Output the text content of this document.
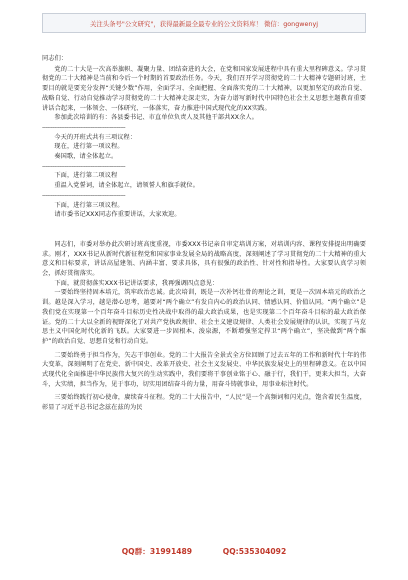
关注头条号"公文研究"，获得最新最全最专业的公文资料库！ 微信：gongwenyj

同志们：

党的二十大是一次高举旗帜、凝聚力量、团结奋进的大会，在党和国家发展进程中具有重大里程碑意义。学习贯彻党的二十大精神是当前和今后一个时期的首要政治任务。今天，我们召开学习贯彻党的二十大精神专题研讨班，主要目的就是要充分发挥“关键少数”作用，全面学习、全面把握、全面落实党的二十大精神，以更加坚定的政治自觉、战略自觉、行动自觉推动学习贯彻党的二十大精神走深走实，为奋力谱写新时代中国特色社会主义思想主题教育重要讲话合起来，一体领会、一体研究、一体落实，奋力推进中国式现代化的XX实践。

参加此次培训的有：各县委书记、市直单位负责人及其他干部共XX余人。

------------------------------------------------

今天的开班式共有三项议程：

现在，进行第一项议程。

奏国歌，请全体起立。

------------------------------------------------

下面，进行第二项议程

重温入党誓词，请全体起立，请领誓人和旗手就位。

------------------------------------------------

下面，进行第三项议程。

请市委书记XXX同志作重要讲话，大家欢迎。

同志们，市委对举办此次研讨班高度重视，市委XXX书记亲自审定培训方案，对培训内容、课程安排提出明确要求。刚才，XXX书记从新时代新征程党和国家事业发展全局的战略高度，深刻阐述了学习贯彻党的二十大精神的重大意义和目标要求，讲话高屋建瓴、内涵丰富、要求具体，具有很强的政治性、针对性和指导性。大家要认真学习领会，抓好贯彻落实。

下面，就贯彻落实XXX书记讲话要求，我再强调四点意见：

一要始终坚持固本培元，筑牢政治忠诚。此次培训，既是一次补钙壮骨的理论之训，更是一次固本培元的政治之训。越是深入学习，越是潜心思考，越要对“两个确立”有发自内心的政治认同、情感认同、价值认同。“两个确立”是我们党在实现第一个百年奋斗目标历史性决战中取得的最大政治成果，也是实现第二个百年奋斗目标的最大政治保证。党的二十大以全新的视野深化了对共产党执政规律、社会主义建设规律、人类社会发展规律的认识，实现了马克思主义中国化时代化新的飞跃。大家要进一步固根本、浚泉源，不断增强坚定捍卫“两个确立”，坚决做到“两个维护”的政治自觉、思想自觉和行动自觉。

二要始终勇于担当作为，矢志干事创业。党的二十大报告全景式全方位回顾了过去五年的工作和新时代十年的伟大变革，深刻阐明了在党史、新中国史、改革开放史、社会主义发展史、中华民族发展史上的里程碑意义。在以中国式现代化全面推进中华民族伟大复兴的生动实践中，我们要将干事创业铭于心、融于行，我们干，更来大担当，大奋斗，大实绩，担当作为，见于事功，切实用团结奋斗的力量，用奋斗铸就事业，用事业标注时代。

三要始终践行初心使命，赓续奋斗征程。党的二十大报告中，“人民”是一个高频词和闪光点，饱含着民生温度，彰显了习近平总书记念兹在兹的为民

QQ群：31991489	QQ:535304092
